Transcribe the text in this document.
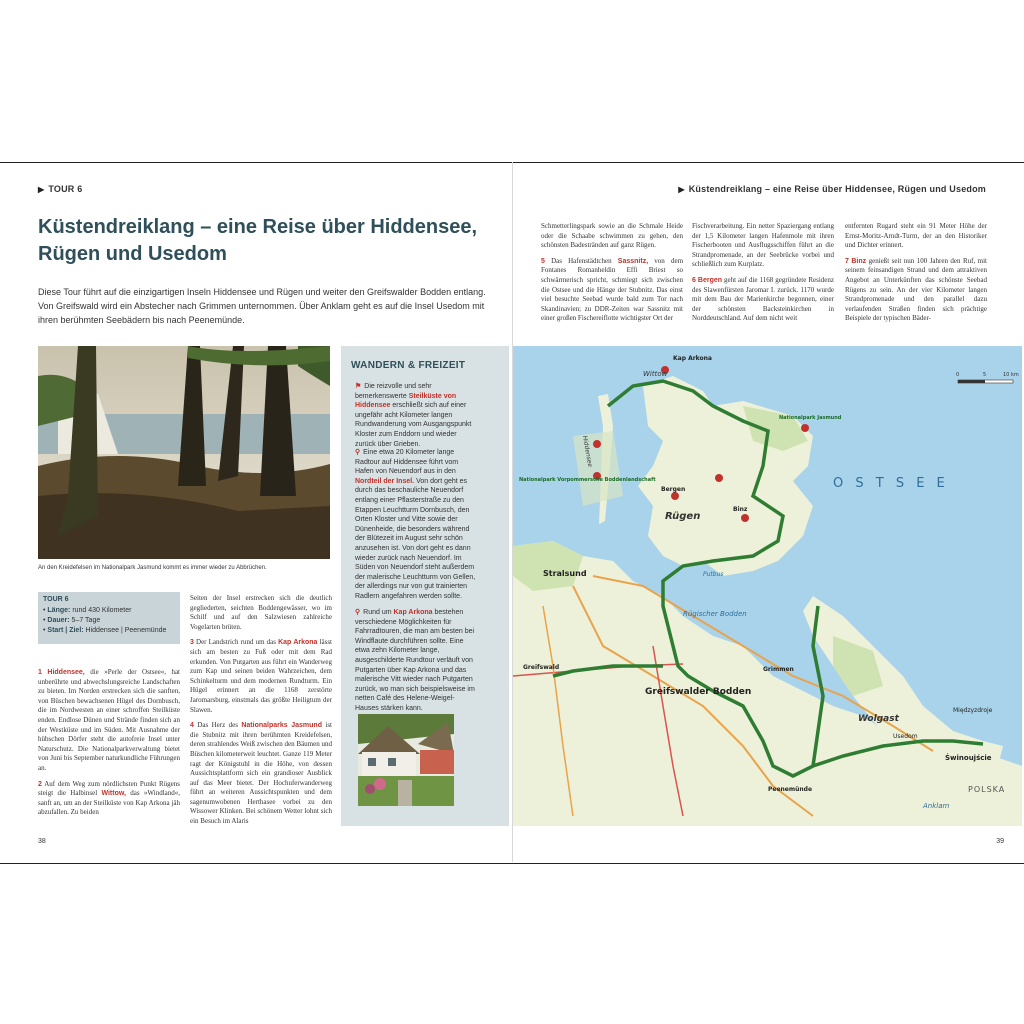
▶ TOUR 6
Küstendreiklang – eine Reise über Hiddensee,
Rügen und Usedom
Diese Tour führt auf die einzigartigen Inseln Hiddensee und Rügen und weiter den Greifswalder Bodden entlang. Von Greifswald wird ein Abstecher nach Grimmen unternommen. Über Anklam geht es auf die Insel Usedom mit ihren berühmten Seebädern bis nach Peenemünde.
An den Kreidefelsen im Nationalpark Jasmund kommt es immer wieder zu Abbrüchen.
TOUR 6
• Länge: rund 430 Kilometer
• Dauer: 5–7 Tage
• Start | Ziel: Hiddensee | Peenemünde

1 Hiddensee, die »Perle der Ostsee«, hat unberührte und abwechslungsreiche Landschaften zu bieten. Im Norden erstrecken sich die sanften, von Büschen bewachsenen Hügel des Dornbusch, die im Nordwesten an einer schroffen Steilküste enden. Endlose Dünen und Strände finden sich an der Westküste und im Süden. Mit Ausnahme der hübschen Dörfer steht die autofreie Insel unter Naturschutz. Die Nationalparkverwaltung bietet von Juni bis September naturkundliche Führungen an.

2 Auf dem Weg zum nördlichsten Punkt Rügens steigt die Halbinsel Wittow, das »Windland«, sanft an, um an der Steilküste von Kap Arkona jäh abzufallen. Zu beiden

Seiten der Insel erstrecken sich die deutlich gegliederten, seichten Boddengewässer, wo im Schilf und auf den Salzwiesen zahlreiche Vogelarten brüten.

3 Der Landstrich rund um das Kap Arkona lässt sich am besten zu Fuß oder mit dem Rad erkunden. Von Putgarten aus führt ein Wanderweg zum Kap und seinen beiden Wahrzeichen, dem Schinkelturm und dem modernen Rundturm. Ein Hügel erinnert an die 1168 zerstörte Jaromarsburg, einstmals das größte Heiligtum der Slawen.

4 Das Herz des Nationalparks Jasmund ist die Stubnitz mit ihren berühmten Kreidefelsen, deren strahlendes Weiß zwischen den Bäumen und Büschen kilometerweit leuchtet. Ganze 119 Meter ragt der Königstuhl in die Höhe, von dessen Aussichtsplattform sich ein grandioser Ausblick auf das Meer bietet. Der Hochuferwanderweg führt an weiteren Aussichtspunkten und dem sagenumwobenen Herthasee vorbei zu den Wissower Klinken. Bei schönem Wetter lohnt sich ein Besuch im Alaris

WANDERN & FREIZEIT
⚑ Die reizvolle und sehr bemerkenswerte Steilküste von Hiddensee erschließt sich auf einer ungefähr acht Kilometer langen Rundwanderung vom Ausgangspunkt Kloster zum Enddorn und wieder zurück über Grieben.
⚲ Eine etwa 20 Kilometer lange Radtour auf Hiddensee führt vom Hafen von Neuendorf aus in den Nordteil der Insel. Von dort geht es durch das beschauliche Neuendorf entlang einer Pflasterstraße zu den Etappen Leuchtturm Dornbusch, den Orten Kloster und Vitte sowie der Dünenheide, die besonders während der Blütezeit im August sehr schön anzusehen ist. Von dort geht es dann wieder zurück nach Neuendorf. Im Süden von Neuendorf steht außerdem der malerische Leuchtturm von Gellen, der allerdings nur von gut trainierten Radlern angefahren werden sollte.
⚲ Rund um Kap Arkona bestehen verschiedene Möglichkeiten für Fahrradtouren, die man am besten bei Windflaute durchführen sollte. Eine etwa zehn Kilometer lange, ausgeschilderte Rundtour verläuft von Putgarten über Kap Arkona und das malerische Vitt wieder nach Putgarten zurück, wo man sich beispielsweise im netten Café des Helene-Weigel-Hauses stärken kann.
38
▶ Küstendreiklang – eine Reise über Hiddensee, Rügen und Usedom

Schmetterlingspark sowie an die Schmale Heide oder die Schaabe schwimmen zu gehen, den schönsten Badestränden auf ganz Rügen.

5 Das Hafenstädtchen Sassnitz, von dem Fontanes Romanheldin Effi Briest so schwärmerisch spricht, schmiegt sich zwischen die Ostsee und die Hänge der Stubnitz. Das einst viel besuchte Seebad wurde bald zum Tor nach Skandinavien; zu DDR-Zeiten war Sassnitz mit einer großen Fischereiflotte wichtigster Ort der

Fischverarbeitung. Ein netter Spaziergang entlang der 1,5 Kilometer langen Hafenmole mit ihren Fischerbooten und Ausflugsschiffen führt an die Strandpromenade, an der Seebrücke vorbei und schließlich zum Kurplatz.

6 Bergen geht auf die 1168 gegründete Residenz des Slawenfürsten Jaromar I. zurück. 1170 wurde mit dem Bau der Marienkirche begonnen, einer der schönsten Backsteinkirchen in Norddeutschland. Auf dem nicht weit

entfernten Rugard steht ein 91 Meter Höhe der Ernst-Moritz-Arndt-Turm, der an den Historiker und Dichter erinnert.

7 Binz genießt seit nun 100 Jahren den Ruf, mit seinem feinsandigen Strand und dem attraktiven Angebot an Unterkünften das schönste Seebad Rügens zu sein. An der vier Kilometer langen Strandpromenade und den parallel dazu verlaufenden Straßen finden sich prächtige Beispiele der typischen Bäder-

O S T S E E
POLSKA
Rügen
Greifswalder Bodden
Stralsund
Greifswald
Wolgast
Rügischer Bodden
Putbus
Anklam
Wittow
Kap Arkona
Hiddensee
Bergen
Nationalpark Jasmund
Nationalpark Vorpommersche Boddenlandschaft
Binz
Grimmen
Peenemünde
Świnoujście
Usedom
Międzyzdroje
0	5	10 km
39
